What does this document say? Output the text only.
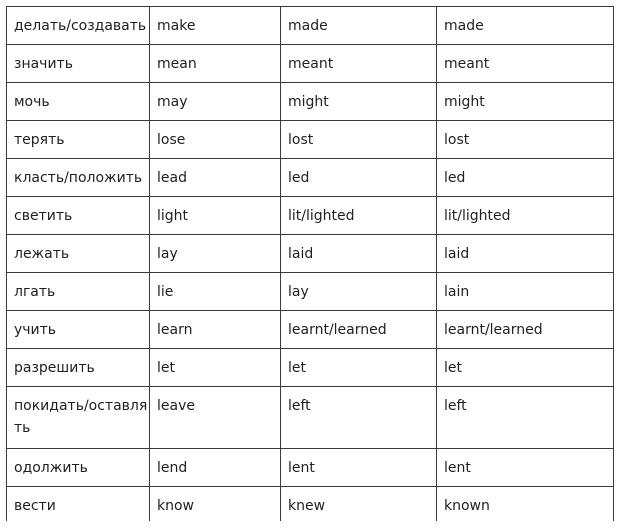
делать/создавать	make	made	made
значить	mean	meant	meant
мочь	may	might	might
терять	lose	lost	lost
класть/положить	lead	led	led
светить	light	lit/lighted	lit/lighted
лежать	lay	laid	laid
лгать	lie	lay	lain
учить	learn	learnt/learned	learnt/learned
разрешить	let	let	let
покидать/оставлять	leave	left	left
одолжить	lend	lent	lent
вести	know	knew	known
